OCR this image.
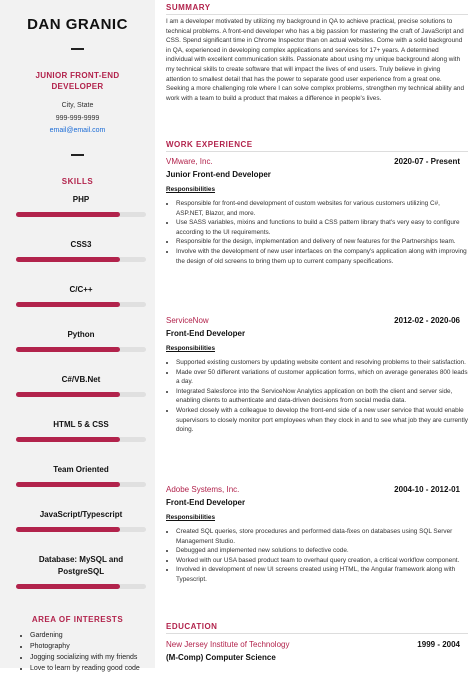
DAN GRANIC
JUNIOR FRONT-END DEVELOPER
City, State
999-999-9999
email@email.com
SKILLS
PHP
CSS3
C/C++
Python
C#/VB.Net
HTML 5 & CSS
Team Oriented
JavaScript/Typescript
Database: MySQL and PostgreSQL
AREA OF INTERESTS
• Gardening
• Photography
• Jogging socializing with my friends
• Love to learn by reading good code
SUMMARY

I am a developer motivated by utilizing my background in QA to achieve practical, precise solutions to technical problems. A front-end developer who has a big passion for mastering the craft of JavaScript and CSS. Spend significant time in Chrome Inspector than on actual websites. Come with a solid background in QA, experienced in developing complex applications and services for 17+ years. A determined individual with excellent communication skills. Passionate about using my unique background along with my technical skills to create software that will impact the lives of end users. Truly believe in giving attention to smallest detail that has the power to separate good user experience from a great one. Seeking a more challenging role where I can solve complex problems, strengthen my technical ability and work with a team to build a product that makes a difference in people's lives.

WORK EXPERIENCE
VMware, Inc.	2020-07 - Present
Junior Front-end Developer
Responsibilities
• Responsible for front-end development of custom websites for various customers utilizing C#, ASP.NET, Blazor, and more.
• Use SASS variables, mixins and functions to build a CSS pattern library that's very easy to configure according to the UI requirements.
• Responsible for the design, implementation and delivery of new features for the Partnerships team.
• Involve with the development of new user interfaces on the company's application along with improving the design of old screens to bring them up to current company specifications.
ServiceNow	2012-02 - 2020-06
Front-End Developer
Responsibilities
• Supported existing customers by updating website content and resolving problems to their satisfaction.
• Made over 50 different variations of customer application forms, which on average generates 800 leads a day.
• Integrated Salesforce into the ServiceNow Analytics application on both the client and server side, enabling clients to authenticate and data-driven decisions from social media data.
• Worked closely with a colleague to develop the front-end side of a new user service that would enable supervisors to closely monitor port employees when they clock in and to see what job they are currently doing.
Adobe Systems, Inc.	2004-10 - 2012-01
Front-End Developer
Responsibilities
• Created SQL queries, store procedures and performed data-fixes on databases using SQL Server Management Studio.
• Debugged and implemented new solutions to defective code.
• Worked with our USA based product team to overhaul query creation, a critical workflow component.
• Involved in development of new UI screens created using HTML, the Angular framework along with Typescript.
EDUCATION
New Jersey Institute of Technology	1999 - 2004
(M-Comp) Computer Science
